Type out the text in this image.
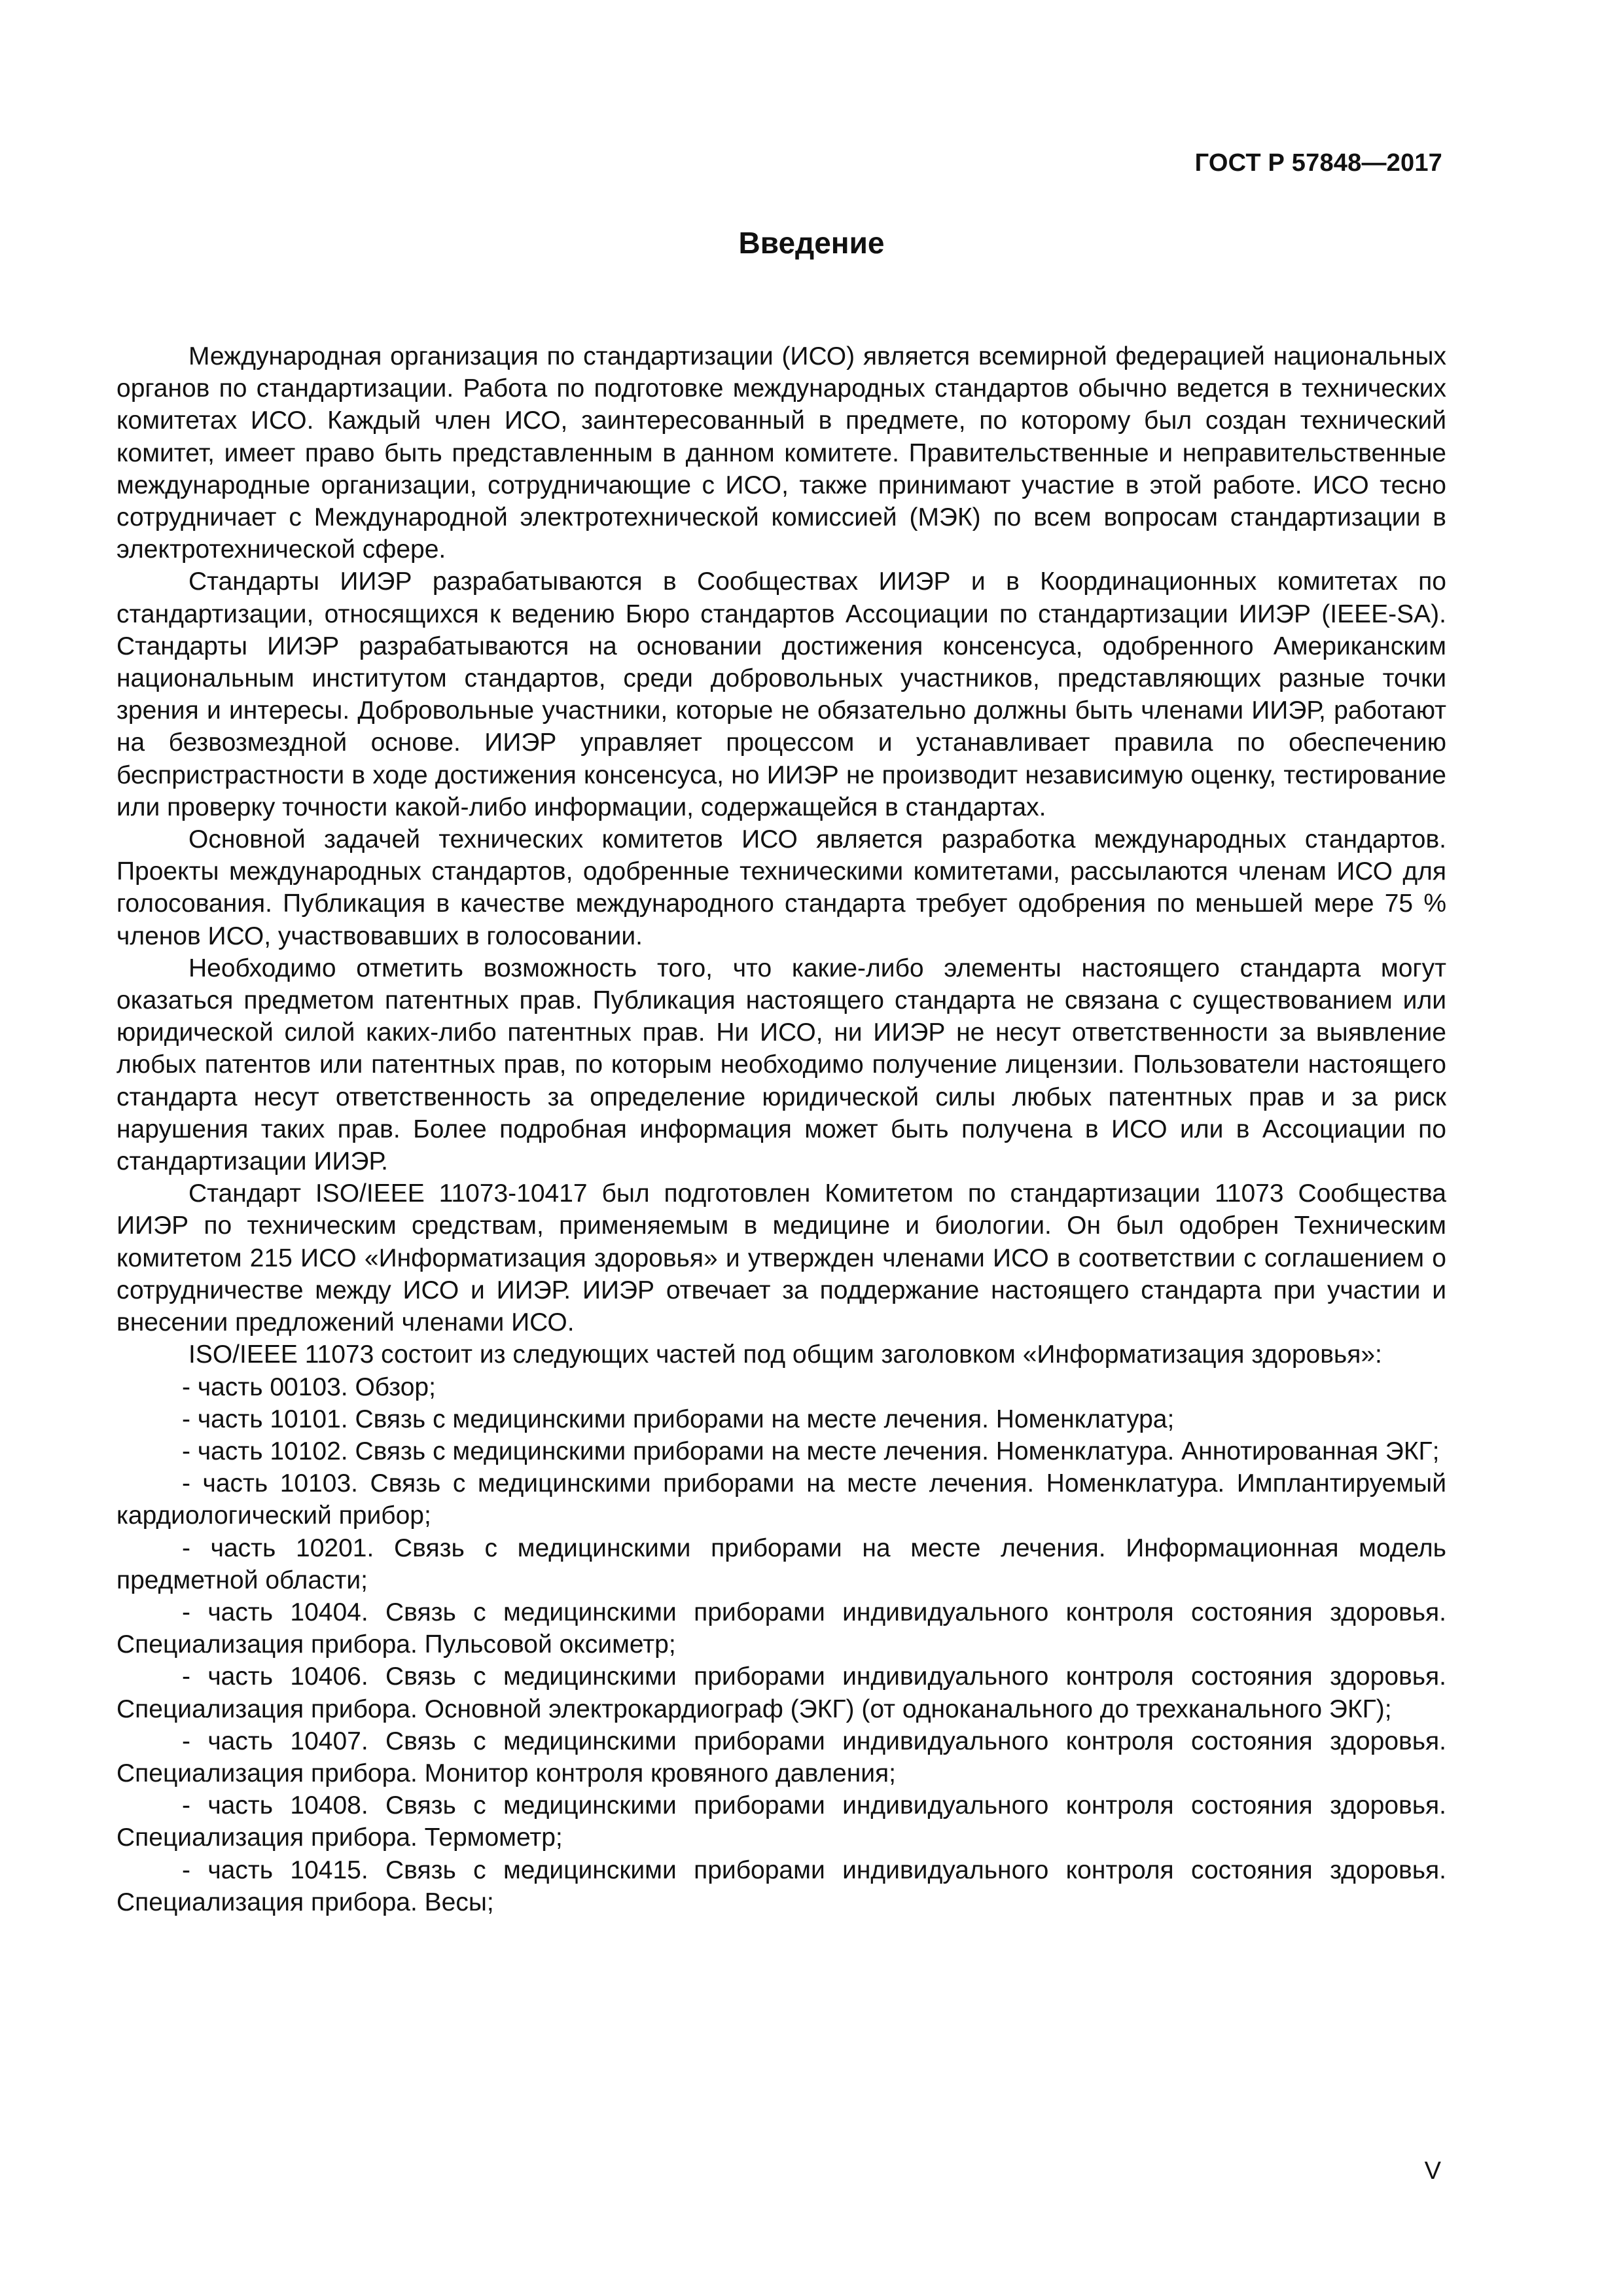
ГОСТ Р 57848—2017
Введение

Международная организация по стандартизации (ИСО) является всемирной федерацией национальных органов по стандартизации. Работа по подготовке международных стандартов обычно ведется в технических комитетах ИСО. Каждый член ИСО, заинтересованный в предмете, по которому был создан технический комитет, имеет право быть представленным в данном комитете. Правительственные и неправительственные международные организации, сотрудничающие с ИСО, также принимают участие в этой работе. ИСО тесно сотрудничает с Международной электротехнической комиссией (МЭК) по всем вопросам стандартизации в электротехнической сфере.

Стандарты ИИЭР разрабатываются в Сообществах ИИЭР и в Координационных комитетах по стандартизации, относящихся к ведению Бюро стандартов Ассоциации по стандартизации ИИЭР (IEEE-SA). Стандарты ИИЭР разрабатываются на основании достижения консенсуса, одобренного Американским национальным институтом стандартов, среди добровольных участников, представляющих разные точки зрения и интересы. Добровольные участники, которые не обязательно должны быть членами ИИЭР, работают на безвозмездной основе. ИИЭР управляет процессом и устанавливает правила по обеспечению беспристрастности в ходе достижения консенсуса, но ИИЭР не производит независимую оценку, тестирование или проверку точности какой-либо информации, содержащейся в стандартах.

Основной задачей технических комитетов ИСО является разработка международных стандартов. Проекты международных стандартов, одобренные техническими комитетами, рассылаются членам ИСО для голосования. Публикация в качестве международного стандарта требует одобрения по меньшей мере 75 % членов ИСО, участвовавших в голосовании.

Необходимо отметить возможность того, что какие-либо элементы настоящего стандарта могут оказаться предметом патентных прав. Публикация настоящего стандарта не связана с существованием или юридической силой каких-либо патентных прав. Ни ИСО, ни ИИЭР не несут ответственности за выявление любых патентов или патентных прав, по которым необходимо получение лицензии. Пользователи настоящего стандарта несут ответственность за определение юридической силы любых патентных прав и за риск нарушения таких прав. Более подробная информация может быть получена в ИСО или в Ассоциации по стандартизации ИИЭР.

Стандарт ISO/IEEE 11073-10417 был подготовлен Комитетом по стандартизации 11073 Сообщества ИИЭР по техническим средствам, применяемым в медицине и биологии. Он был одобрен Техническим комитетом 215 ИСО «Информатизация здоровья» и утвержден членами ИСО в соответствии с соглашением о сотрудничестве между ИСО и ИИЭР. ИИЭР отвечает за поддержание настоящего стандарта при участии и внесении предложений членами ИСО.

ISO/IEEE 11073 состоит из следующих частей под общим заголовком «Информатизация здоровья»:

- часть 00103. Обзор;

- часть 10101. Связь с медицинскими приборами на месте лечения. Номенклатура;

- часть 10102. Связь с медицинскими приборами на месте лечения. Номенклатура. Аннотированная ЭКГ;

- часть 10103. Связь с медицинскими приборами на месте лечения. Номенклатура. Имплантируемый кардиологический прибор;

- часть 10201. Связь с медицинскими приборами на месте лечения. Информационная модель предметной области;

- часть 10404. Связь с медицинскими приборами индивидуального контроля состояния здоровья. Специализация прибора. Пульсовой оксиметр;

- часть 10406. Связь с медицинскими приборами индивидуального контроля состояния здоровья. Специализация прибора. Основной электрокардиограф (ЭКГ) (от одноканального до трехканального ЭКГ);

- часть 10407. Связь с медицинскими приборами индивидуального контроля состояния здоровья. Специализация прибора. Монитор контроля кровяного давления;

- часть 10408. Связь с медицинскими приборами индивидуального контроля состояния здоровья. Специализация прибора. Термометр;

- часть 10415. Связь с медицинскими приборами индивидуального контроля состояния здоровья. Специализация прибора. Весы;

V
